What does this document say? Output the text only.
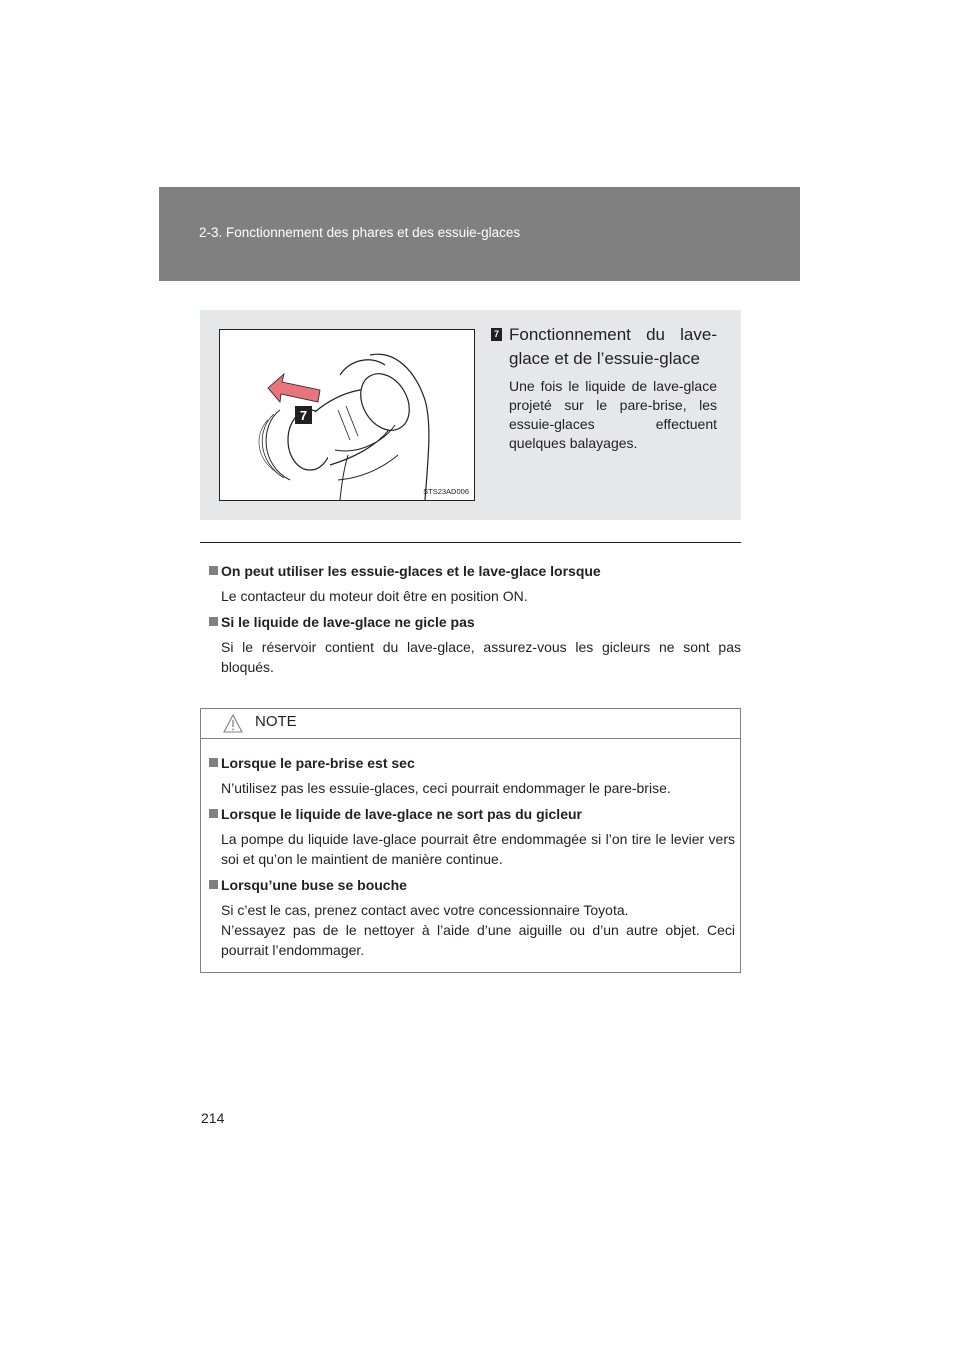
2-3. Fonctionnement des phares et des essuie-glaces
7
STS23AD006
7 Fonctionnement du lave-glace et de l’essuie-glace
Une fois le liquide de lave-glace projeté sur le pare-brise, les essuie-glaces effectuent quelques balayages.
On peut utiliser les essuie-glaces et le lave-glace lorsque
Le contacteur du moteur doit être en position ON.
Si le liquide de lave-glace ne gicle pas
Si le réservoir contient du lave-glace, assurez-vous les gicleurs ne sont pas bloqués.
NOTE
Lorsque le pare-brise est sec
N’utilisez pas les essuie-glaces, ceci pourrait endommager le pare-brise.
Lorsque le liquide de lave-glace ne sort pas du gicleur
La pompe du liquide lave-glace pourrait être endommagée si l’on tire le levier vers soi et qu’on le maintient de manière continue.
Lorsqu’une buse se bouche
Si c’est le cas, prenez contact avec votre concessionnaire Toyota.
N’essayez pas de le nettoyer à l’aide d’une aiguille ou d’un autre objet. Ceci pourrait l’endommager.
214
